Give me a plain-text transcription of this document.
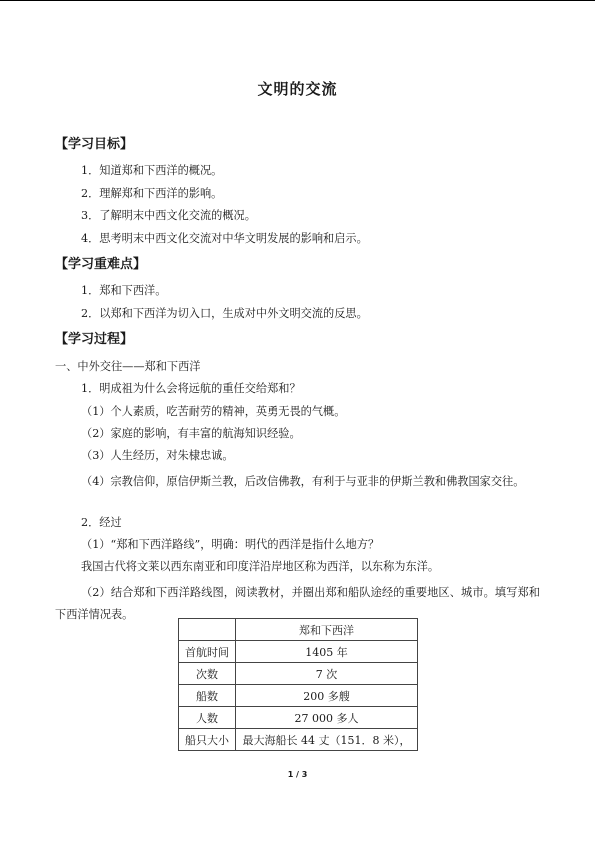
文明的交流
【学习目标】
1．知道郑和下西洋的概况。
2．理解郑和下西洋的影响。
3．了解明末中西文化交流的概况。
4．思考明末中西文化交流对中华文明发展的影响和启示。
【学习重难点】
1．郑和下西洋。
2．以郑和下西洋为切入口，生成对中外文明交流的反思。
【学习过程】
一、中外交往——郑和下西洋
1．明成祖为什么会将远航的重任交给郑和？
（1）个人素质，吃苦耐劳的精神，英勇无畏的气概。
（2）家庭的影响，有丰富的航海知识经验。
（3）人生经历，对朱棣忠诚。
（4）宗教信仰，原信伊斯兰教，后改信佛教，有利于与亚非的伊斯兰教和佛教国家交往。
2．经过
（1）“郑和下西洋路线”，明确：明代的西洋是指什么地方？
我国古代将文莱以西东南亚和印度洋沿岸地区称为西洋，以东称为东洋。
（2）结合郑和下西洋路线图，阅读教材，并圈出郑和船队途经的重要地区、城市。填写郑和下西洋情况表。
	郑和下西洋
首航时间	1405 年
次数	7 次
船数	200 多艘
人数	27 000 多人
船只大小	最大海船长 44 丈（151．8 米），
1 / 3
